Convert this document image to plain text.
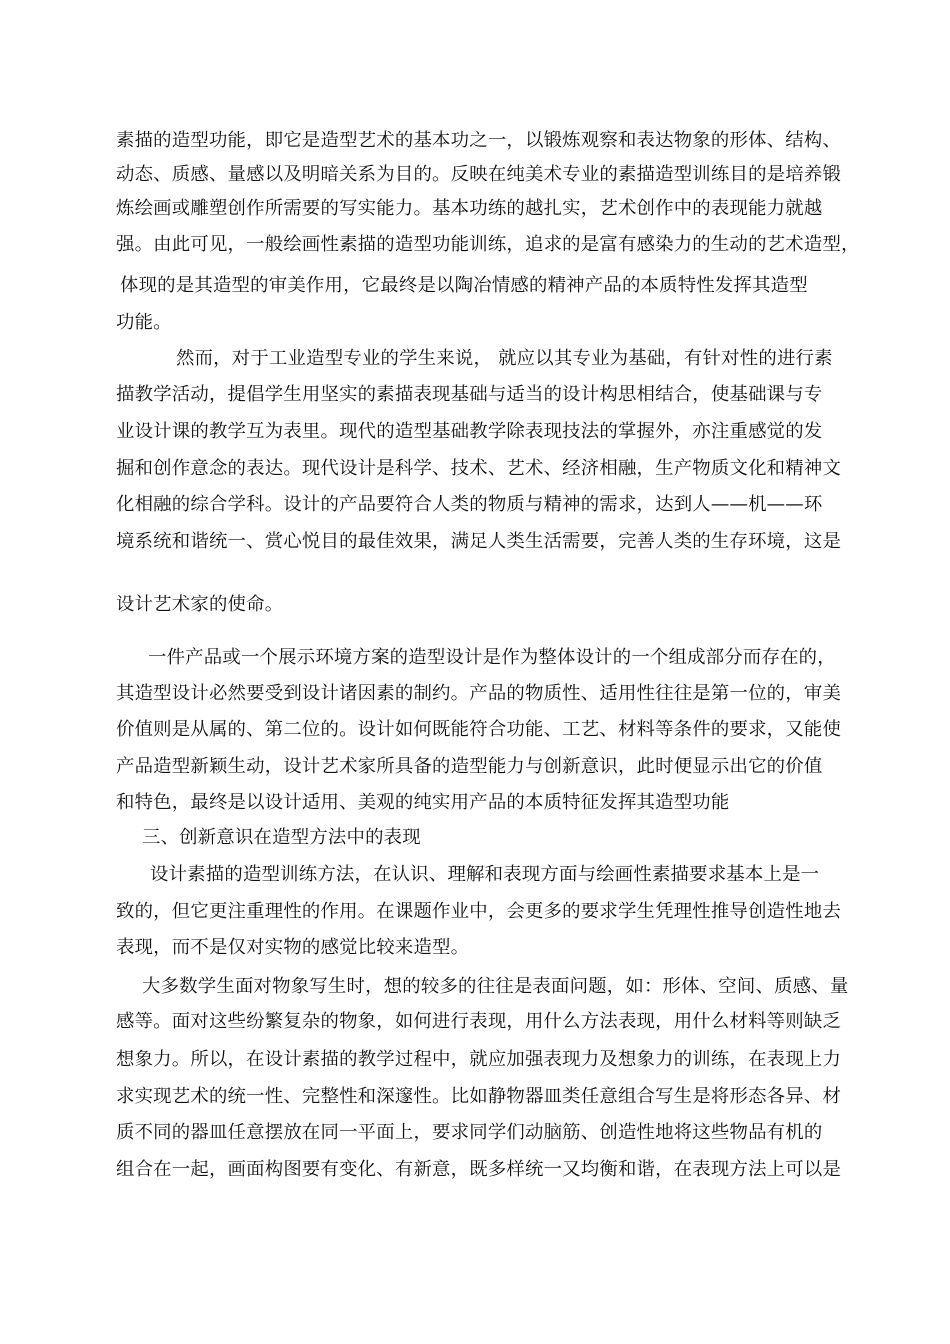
素描的造型功能，即它是造型艺术的基本功之一，以锻炼观察和表达物象的形体、结构、
动态、质感、量感以及明暗关系为目的。反映在纯美术专业的素描造型训练目的是培养锻
炼绘画或雕塑创作所需要的写实能力。基本功练的越扎实，艺术创作中的表现能力就越
强。由此可见，一般绘画性素描的造型功能训练，追求的是富有感染力的生动的艺术造型，
体现的是其造型的审美作用，它最终是以陶冶情感的精神产品的本质特性发挥其造型
功能。
然而，对于工业造型专业的学生来说， 就应以其专业为基础，有针对性的进行素
描教学活动，提倡学生用坚实的素描表现基础与适当的设计构思相结合，使基础课与专
业设计课的教学互为表里。现代的造型基础教学除表现技法的掌握外，亦注重感觉的发
掘和创作意念的表达。现代设计是科学、技术、艺术、经济相融，生产物质文化和精神文
化相融的综合学科。设计的产品要符合人类的物质与精神的需求，达到人——机——环
境系统和谐统一、赏心悦目的最佳效果，满足人类生活需要，完善人类的生存环境，这是
设计艺术家的使命。
一件产品或一个展示环境方案的造型设计是作为整体设计的一个组成部分而存在的，
其造型设计必然要受到设计诸因素的制约。产品的物质性、适用性往往是第一位的，审美
价值则是从属的、第二位的。设计如何既能符合功能、工艺、材料等条件的要求，又能使
产品造型新颖生动，设计艺术家所具备的造型能力与创新意识，此时便显示出它的价值
和特色，最终是以设计适用、美观的纯实用产品的本质特征发挥其造型功能
三、创新意识在造型方法中的表现
设计素描的造型训练方法，在认识、理解和表现方面与绘画性素描要求基本上是一
致的，但它更注重理性的作用。在课题作业中，会更多的要求学生凭理性推导创造性地去
表现，而不是仅对实物的感觉比较来造型。
大多数学生面对物象写生时，想的较多的往往是表面问题，如：形体、空间、质感、量
感等。面对这些纷繁复杂的物象，如何进行表现，用什么方法表现，用什么材料等则缺乏
想象力。所以，在设计素描的教学过程中，就应加强表现力及想象力的训练，在表现上力
求实现艺术的统一性、完整性和深邃性。比如静物器皿类任意组合写生是将形态各异、材
质不同的器皿任意摆放在同一平面上，要求同学们动脑筋、创造性地将这些物品有机的
组合在一起，画面构图要有变化、有新意，既多样统一又均衡和谐，在表现方法上可以是
